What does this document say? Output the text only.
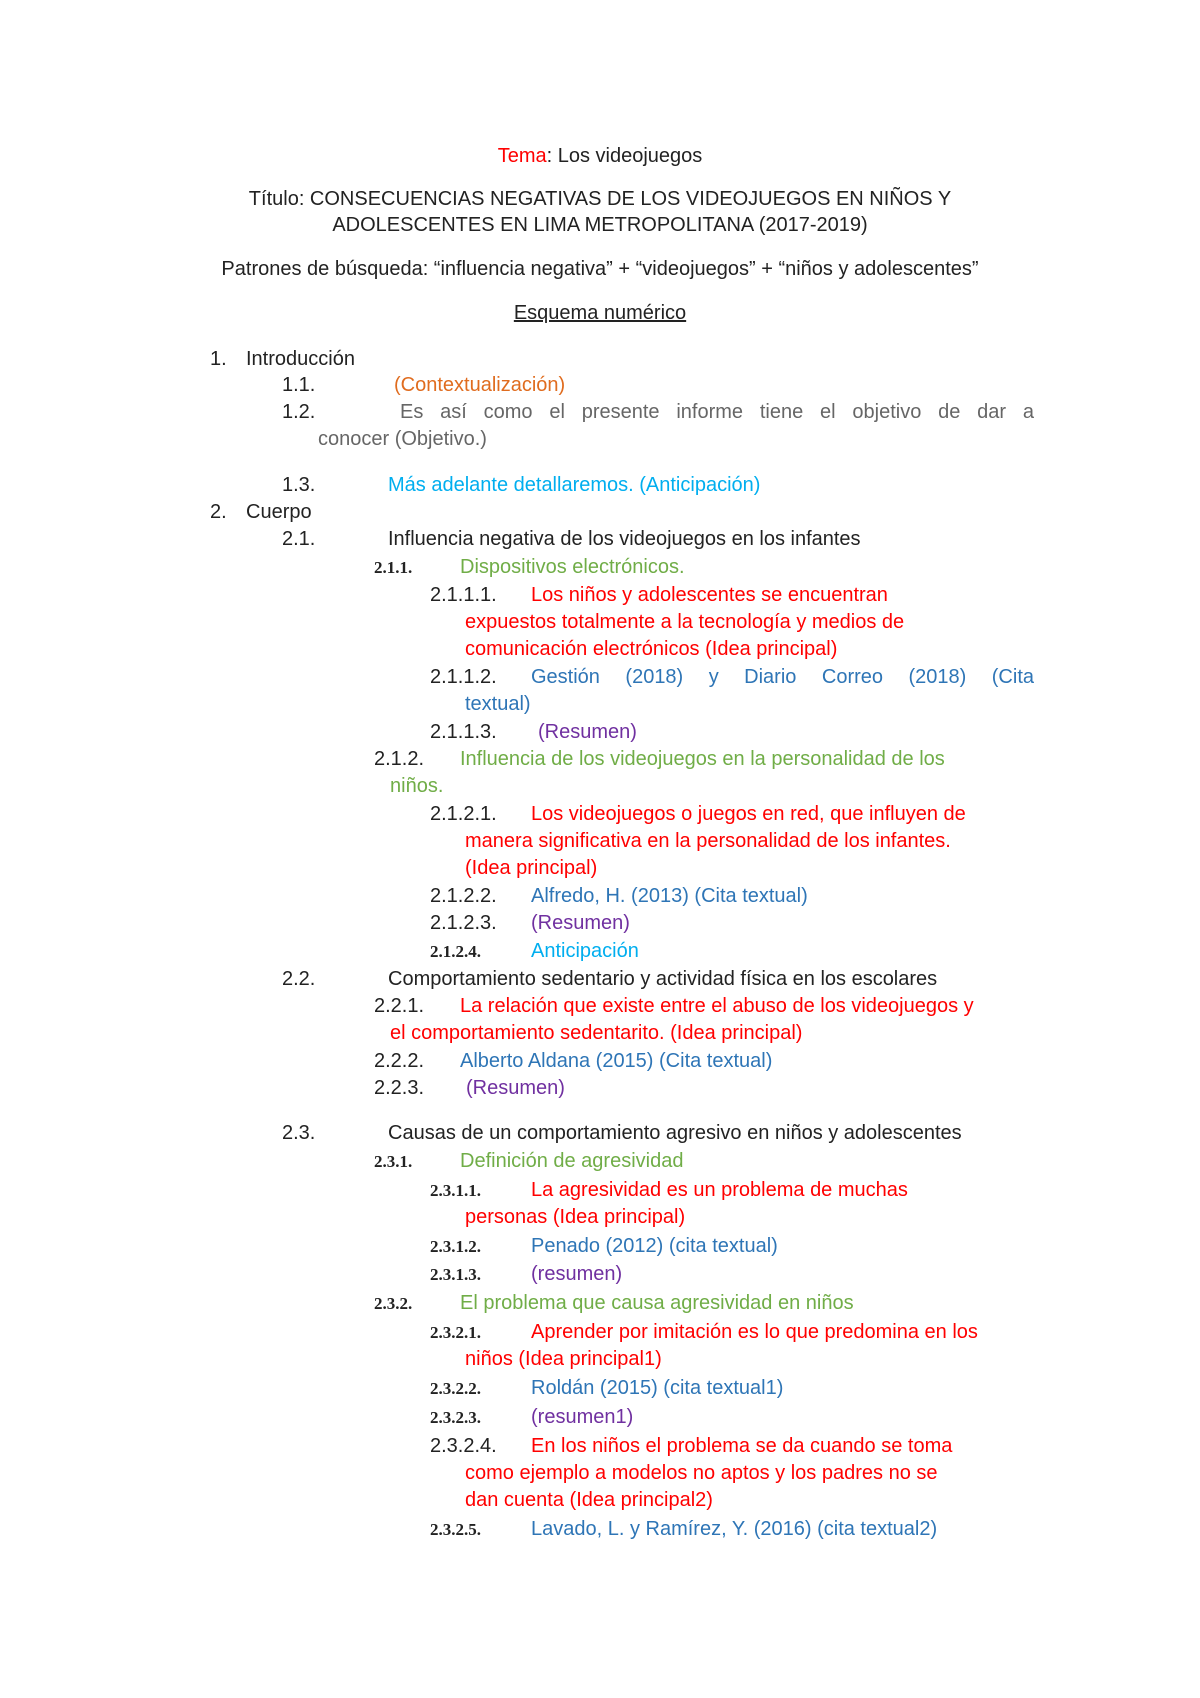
Tema: Los videojuegos
Título: CONSECUENCIAS NEGATIVAS DE LOS VIDEOJUEGOS EN NIÑOS Y
ADOLESCENTES EN LIMA METROPOLITANA (2017-2019)
Patrones de búsqueda: “influencia negativa” + “videojuegos” + “niños y adolescentes”
Esquema numérico
1. Introducción
1.1.	(Contextualización)
1.2.	Es así como el presente informe tiene el objetivo de dar a
conocer (Objetivo.)
1.3.	Más adelante detallaremos. (Anticipación)
2. Cuerpo
2.1.	Influencia negativa de los videojuegos en los infantes
2.1.1. Dispositivos electrónicos.
2.1.1.1. Los niños y adolescentes se encuentran
expuestos totalmente a la tecnología y medios de
comunicación electrónicos (Idea principal)
2.1.1.2. Gestión (2018) y Diario Correo (2018) (Cita
textual)
2.1.1.3. (Resumen)
2.1.2. Influencia de los videojuegos en la personalidad de los
niños.
2.1.2.1. Los videojuegos o juegos en red, que influyen de
manera significativa en la personalidad de los infantes.
(Idea principal)
2.1.2.2. Alfredo, H. (2013) (Cita textual)
2.1.2.3. (Resumen)
2.1.2.4.	Anticipación
2.2.	Comportamiento sedentario y actividad física en los escolares
2.2.1. La relación que existe entre el abuso de los videojuegos y
el comportamiento sedentarito. (Idea principal)
2.2.2. Alberto Aldana (2015) (Cita textual)
2.2.3. (Resumen)
2.3.	Causas de un comportamiento agresivo en niños y adolescentes
2.3.1. Definición de agresividad
2.3.1.1.	La agresividad es un problema de muchas
personas (Idea principal)
2.3.1.2.	Penado (2012) (cita textual)
2.3.1.3.	(resumen)
2.3.2. El problema que causa agresividad en niños
2.3.2.1.	Aprender por imitación es lo que predomina en los
niños (Idea principal1)
2.3.2.2.	Roldán (2015) (cita textual1)
2.3.2.3.	(resumen1)
2.3.2.4. En los niños el problema se da cuando se toma
como ejemplo a modelos no aptos y los padres no se
dan cuenta (Idea principal2)
2.3.2.5.	Lavado, L. y Ramírez, Y. (2016) (cita textual2)
